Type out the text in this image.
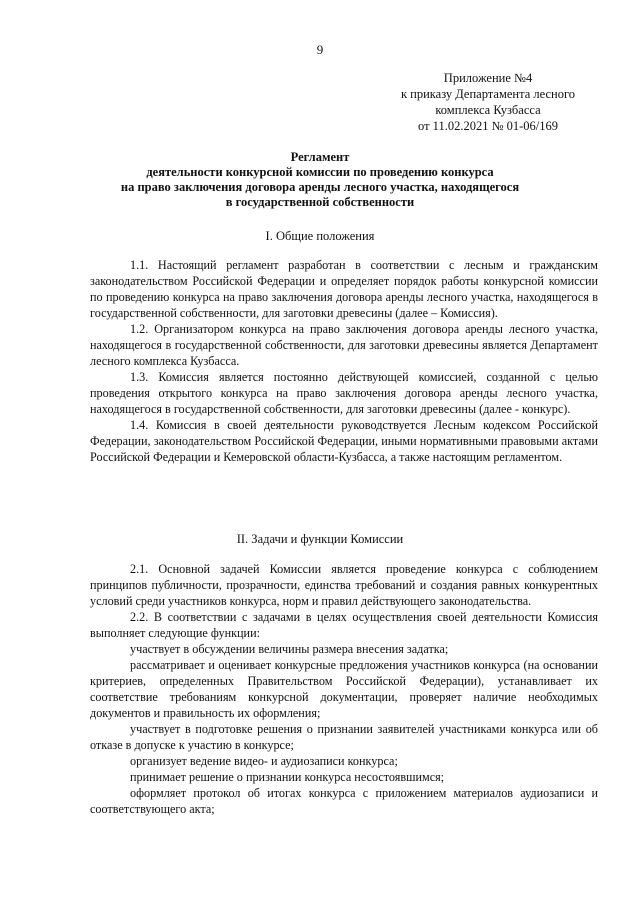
9
Приложение №4
к приказу Департамента лесного
комплекса Кузбасса
от 11.02.2021 № 01-06/169
Регламент
деятельности конкурсной комиссии по проведению конкурса
на право заключения договора аренды лесного участка, находящегося
в государственной собственности
I. Общие положения

1.1. Настоящий регламент разработан в соответствии с лесным и гражданским законодательством Российской Федерации и определяет порядок работы конкурсной комиссии по проведению конкурса на право заключения договора аренды лесного участка, находящегося в государственной собственности, для заготовки древесины (далее – Комиссия).

1.2. Организатором конкурса на право заключения договора аренды лесного участка, находящегося в государственной собственности, для заготовки древесины является Департамент лесного комплекса Кузбасса.

1.3. Комиссия является постоянно действующей комиссией, созданной с целью проведения открытого конкурса на право заключения договора аренды лесного участка, находящегося в государственной собственности, для заготовки древесины (далее - конкурс).

1.4. Комиссия в своей деятельности руководствуется Лесным кодексом Российской Федерации, законодательством Российской Федерации, иными нормативными правовыми актами Российской Федерации и Кемеровской области-Кузбасса, а также настоящим регламентом.

II. Задачи и функции Комиссии

2.1. Основной задачей Комиссии является проведение конкурса с соблюдением принципов публичности, прозрачности, единства требований и создания равных конкурентных условий среди участников конкурса, норм и правил действующего законодательства.

2.2. В соответствии с задачами в целях осуществления своей деятельности Комиссия выполняет следующие функции:

участвует в обсуждении величины размера внесения задатка;

рассматривает и оценивает конкурсные предложения участников конкурса (на основании критериев, определенных Правительством Российской Федерации), устанавливает их соответствие требованиям конкурсной документации, проверяет наличие необходимых документов и правильность их оформления;

участвует в подготовке решения о признании заявителей участниками конкурса или об отказе в допуске к участию в конкурсе;

организует ведение видео- и аудиозаписи конкурса;

принимает решение о признании конкурса несостоявшимся;

оформляет протокол об итогах конкурса с приложением материалов аудиозаписи и соответствующего акта;
